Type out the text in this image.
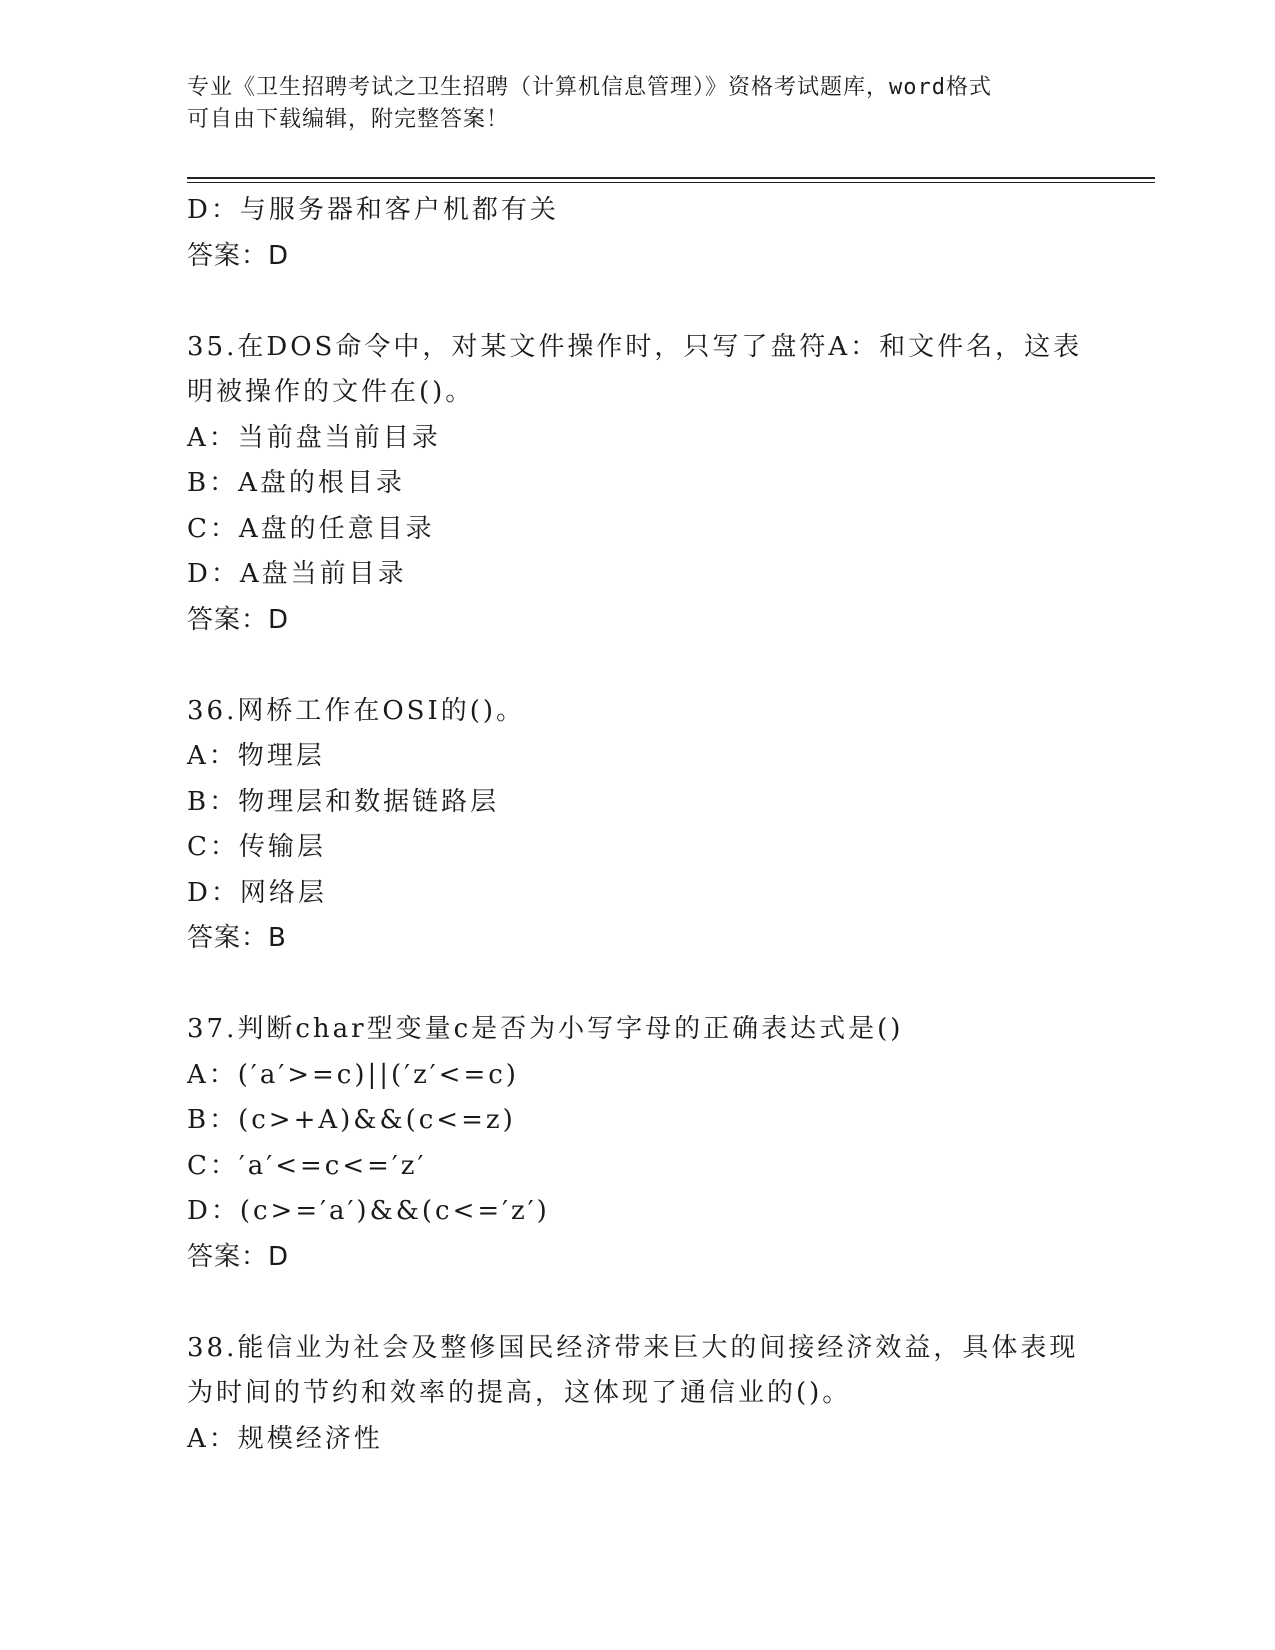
专业《卫生招聘考试之卫生招聘（计算机信息管理）》资格考试题库，word格式
可自由下载编辑，附完整答案！
D：与服务器和客户机都有关
答案：D
35.在DOS命令中，对某文件操作时，只写了盘符A：和文件名，这表
明被操作的文件在()。
A：当前盘当前目录
B：A盘的根目录
C：A盘的任意目录
D：A盘当前目录
答案：D
36.网桥工作在OSI的()。
A：物理层
B：物理层和数据链路层
C：传输层
D：网络层
答案：B
37.判断char型变量c是否为小写字母的正确表达式是()
A：(′a′>=c)||(′z′<=c)
B：(c>+A)&&(c<=z)
C：′a′<=c<=′z′
D：(c>=′a′)&&(c<=′z′)
答案：D
38.能信业为社会及整修国民经济带来巨大的间接经济效益，具体表现
为时间的节约和效率的提高，这体现了通信业的()。
A：规模经济性
